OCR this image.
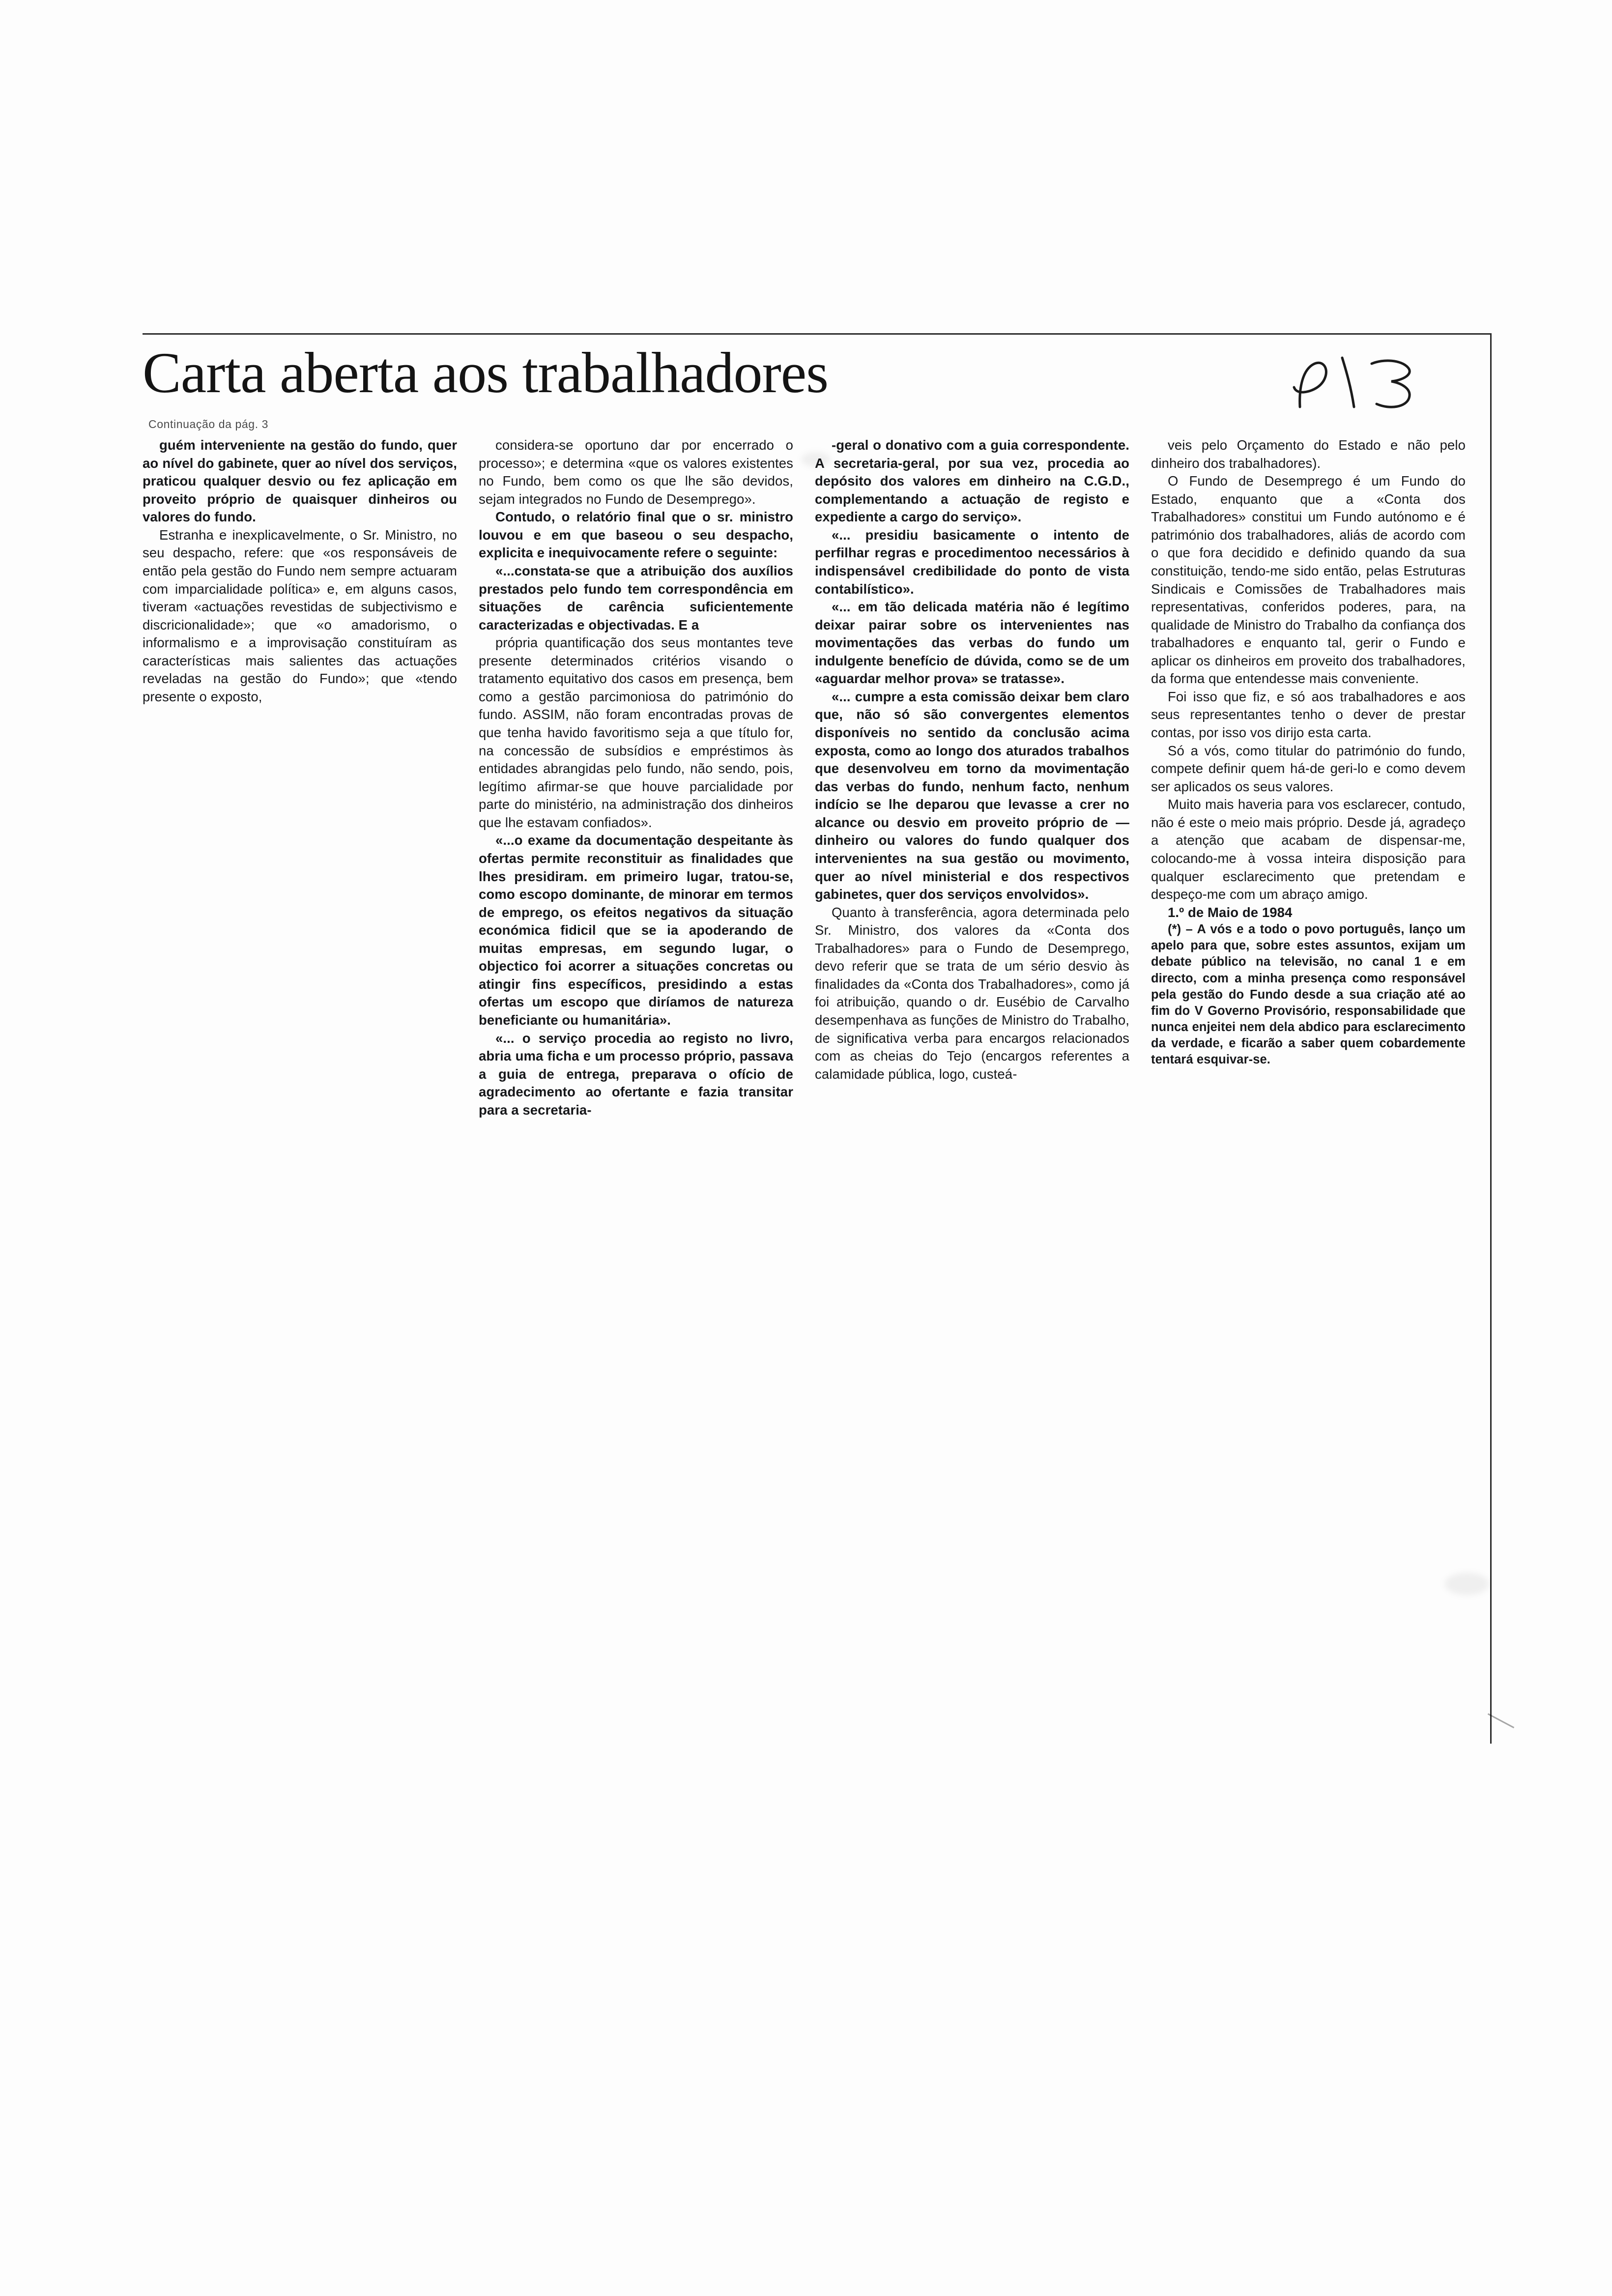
Carta aberta aos trabalhadores
Continuação da pág. 3

guém interveniente na gestão do fundo, quer ao nível do gabinete, quer ao nível dos serviços, praticou qualquer desvio ou fez aplicação em proveito próprio de quaisquer dinheiros ou valores do fundo.

Estranha e inexplicavelmente, o Sr. Ministro, no seu despacho, refere: que «os responsáveis de então pela gestão do Fundo nem sempre actuaram com imparcialidade política» e, em alguns casos, tiveram «actuações revestidas de subjectivismo e discricionalidade»; que «o amadorismo, o informalismo e a improvisação constituíram as características mais salientes das actuações reveladas na gestão do Fundo»; que «tendo presente o exposto,

considera-se oportuno dar por encerrado o processo»; e determina «que os valores existentes no Fundo, bem como os que lhe são devidos, sejam integrados no Fundo de Desemprego».

Contudo, o relatório final que o sr. ministro louvou e em que baseou o seu despacho, explicita e inequivocamente refere o seguinte:

«...constata-se que a atribuição dos auxílios prestados pelo fundo tem correspondência em situações de carência suficientemente caracterizadas e objectivadas. E a

própria quantificação dos seus montantes teve presente determinados critérios visando o tratamento equitativo dos casos em presença, bem como a gestão parcimoniosa do património do fundo. ASSIM, não foram encontradas provas de que tenha havido favoritismo seja a que título for, na concessão de subsídios e empréstimos às entidades abrangidas pelo fundo, não sendo, pois, legítimo afirmar-se que houve parcialidade por parte do ministério, na administração dos dinheiros que lhe estavam confiados».

«...o exame da documentação despeitante às ofertas permite reconstituir as finalidades que lhes presidiram. em primeiro lugar, tratou-se, como escopo dominante, de minorar em termos de emprego, os efeitos negativos da situação económica fidicil que se ia apoderando de muitas empresas, em segundo lugar, o objectico foi acorrer a situações concretas ou atingir fins específicos, presidindo a estas ofertas um escopo que diríamos de natureza beneficiante ou humanitária».

«... o serviço procedia ao registo no livro, abria uma ficha e um processo próprio, passava a guia de entrega, preparava o ofício de agradecimento ao ofertante e fazia transitar para a secretaria-

-geral o donativo com a guia correspondente. A secretaria-geral, por sua vez, procedia ao depósito dos valores em dinheiro na C.G.D., complementando a actuação de registo e expediente a cargo do serviço».

«... presidiu basicamente o intento de perfilhar regras e procedimentoo necessários à indispensável credibilidade do ponto de vista contabilístico».

«... em tão delicada matéria não é legítimo deixar pairar sobre os intervenientes nas movimentações das verbas do fundo um indulgente benefício de dúvida, como se de um «aguardar melhor prova» se tratasse».

«... cumpre a esta comissão deixar bem claro que, não só são convergentes elementos disponíveis no sentido da conclusão acima exposta, como ao longo dos aturados trabalhos que desenvolveu em torno da movimentação das verbas do fundo, nenhum facto, nenhum indício se lhe deparou que levasse a crer no alcance ou desvio em proveito próprio de — dinheiro ou valores do fundo qualquer dos intervenientes na sua gestão ou movimento, quer ao nível ministerial e dos respectivos gabinetes, quer dos serviços envolvidos».

Quanto à transferência, agora determinada pelo Sr. Ministro, dos valores da «Conta dos Trabalhadores» para o Fundo de Desemprego, devo referir que se trata de um sério desvio às finalidades da «Conta dos Trabalhadores», como já foi atribuição, quando o dr. Eusébio de Carvalho desempenhava as funções de Ministro do Trabalho, de significativa verba para encargos relacionados com as cheias do Tejo (encargos referentes a calamidade pública, logo, custeá-

veis pelo Orçamento do Estado e não pelo dinheiro dos trabalhadores).

O Fundo de Desemprego é um Fundo do Estado, enquanto que a «Conta dos Trabalhadores» constitui um Fundo autónomo e é património dos trabalhadores, aliás de acordo com o que fora decidido e definido quando da sua constituição, tendo-me sido então, pelas Estruturas Sindicais e Comissões de Trabalhadores mais representativas, conferidos poderes, para, na qualidade de Ministro do Trabalho da confiança dos trabalhadores e enquanto tal, gerir o Fundo e aplicar os dinheiros em proveito dos trabalhadores, da forma que entendesse mais conveniente.

Foi isso que fiz, e só aos trabalhadores e aos seus representantes tenho o dever de prestar contas, por isso vos dirijo esta carta.

Só a vós, como titular do património do fundo, compete definir quem há-de geri-lo e como devem ser aplicados os seus valores.

Muito mais haveria para vos esclarecer, contudo, não é este o meio mais próprio. Desde já, agradeço a atenção que acabam de dispensar-me, colocando-me à vossa inteira disposição para qualquer esclarecimento que pretendam e despeço-me com um abraço amigo.

1.º de Maio de 1984

(*) – A vós e a todo o povo português, lanço um apelo para que, sobre estes assuntos, exijam um debate público na televisão, no canal 1 e em directo, com a minha presença como responsável pela gestão do Fundo desde a sua criação até ao fim do V Governo Provisório, responsabilidade que nunca enjeitei nem dela abdico para esclarecimento da verdade, e ficarão a saber quem cobardemente tentará esquivar-se.
